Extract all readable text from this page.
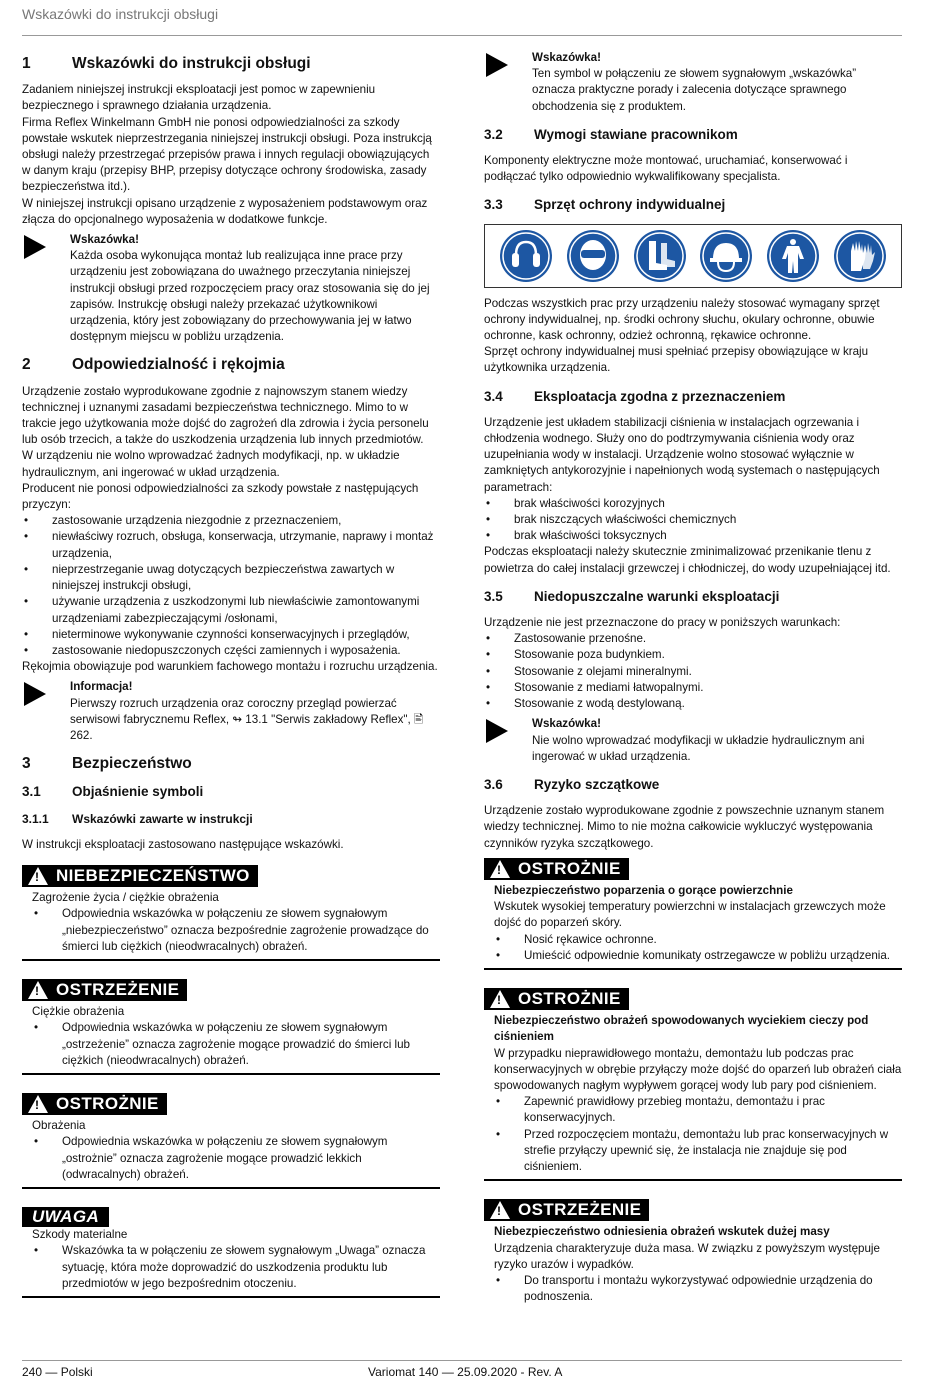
Wskazówki do instrukcji obsługi
1	Wskazówki do instrukcji obsługi

Zadaniem niniejszej instrukcji eksploatacji jest pomoc w zapewnieniu bezpiecznego i sprawnego działania urządzenia.

Firma Reflex Winkelmann GmbH nie ponosi odpowiedzialności za szkody powstałe wskutek nieprzestrzegania niniejszej instrukcji obsługi. Poza instrukcją obsługi należy przestrzegać przepisów prawa i innych regulacji obowiązujących w danym kraju (przepisy BHP, przepisy dotyczące ochrony środowiska, zasady bezpieczeństwa itd.).

W niniejszej instrukcji opisano urządzenie z wyposażeniem podstawowym oraz złącza do opcjonalnego wyposażenia w dodatkowe funkcje.

Wskazówka!
Każda osoba wykonująca montaż lub realizująca inne prace przy urządzeniu jest zobowiązana do uważnego przeczytania niniejszej instrukcji obsługi przed rozpoczęciem pracy oraz stosowania się do jej zapisów. Instrukcję obsługi należy przekazać użytkownikowi urządzenia, który jest zobowiązany do przechowywania jej w łatwo dostępnym miejscu w pobliżu urządzenia.
2	Odpowiedzialność i rękojmia

Urządzenie zostało wyprodukowane zgodnie z najnowszym stanem wiedzy technicznej i uznanymi zasadami bezpieczeństwa technicznego. Mimo to w trakcie jego użytkowania może dojść do zagrożeń dla zdrowia i życia personelu lub osób trzecich, a także do uszkodzenia urządzenia lub innych przedmiotów.

W urządzeniu nie wolno wprowadzać żadnych modyfikacji, np. w układzie hydraulicznym, ani ingerować w układ urządzenia.

Producent nie ponosi odpowiedzialności za szkody powstałe z następujących przyczyn:

• zastosowanie urządzenia niezgodnie z przeznaczeniem,
• niewłaściwy rozruch, obsługa, konserwacja, utrzymanie, naprawy i montaż urządzenia,
• nieprzestrzeganie uwag dotyczących bezpieczeństwa zawartych w niniejszej instrukcji obsługi,
• używanie urządzenia z uszkodzonymi lub niewłaściwie zamontowanymi urządzeniami zabezpieczającymi /osłonami,
• nieterminowe wykonywanie czynności konserwacyjnych i przeglądów,
• zastosowanie niedopuszczonych części zamiennych i wyposażenia.

Rękojmia obowiązuje pod warunkiem fachowego montażu i rozruchu urządzenia.

Informacja!
Pierwszy rozruch urządzenia oraz coroczny przegląd powierzać serwisowi fabrycznemu Reflex, ↬ 13.1 "Serwis zakładowy Reflex", 🖹 262.
3	Bezpieczeństwo
3.1	Objaśnienie symboli
3.1.1	Wskazówki zawarte w instrukcji

W instrukcji eksploatacji zastosowano następujące wskazówki.

!
NIEBEZPIECZEŃSTWO
Zagrożenie życia / ciężkie obrażenia
• Odpowiednia wskazówka w połączeniu ze słowem sygnałowym „niebezpieczeństwo” oznacza bezpośrednie zagrożenie prowadzące do śmierci lub ciężkich (nieodwracalnych) obrażeń.
!
OSTRZEŻENIE
Ciężkie obrażenia
• Odpowiednia wskazówka w połączeniu ze słowem sygnałowym „ostrzeżenie” oznacza zagrożenie mogące prowadzić do śmierci lub ciężkich (nieodwracalnych) obrażeń.
!
OSTROŻNIE
Obrażenia
• Odpowiednia wskazówka w połączeniu ze słowem sygnałowym „ostrożnie” oznacza zagrożenie mogące prowadzić lekkich (odwracalnych) obrażeń.
UWAGA
Szkody materialne
• Wskazówka ta w połączeniu ze słowem sygnałowym „Uwaga” oznacza sytuację, która może doprowadzić do uszkodzenia produktu lub przedmiotów w jego bezpośrednim otoczeniu.
Wskazówka!
Ten symbol w połączeniu ze słowem sygnałowym „wskazówka” oznacza praktyczne porady i zalecenia dotyczące sprawnego obchodzenia się z produktem.
3.2	Wymogi stawiane pracownikom

Komponenty elektryczne może montować, uruchamiać, konserwować i podłączać tylko odpowiednio wykwalifikowany specjalista.

3.3	Sprzęt ochrony indywidualnej

Podczas wszystkich prac przy urządzeniu należy stosować wymagany sprzęt ochrony indywidualnej, np. środki ochrony słuchu, okulary ochronne, obuwie ochronne, kask ochronny, odzież ochronną, rękawice ochronne.

Sprzęt ochrony indywidualnej musi spełniać przepisy obowiązujące w kraju użytkownika urządzenia.

3.4	Eksploatacja zgodna z przeznaczeniem

Urządzenie jest układem stabilizacji ciśnienia w instalacjach ogrzewania i chłodzenia wodnego. Służy ono do podtrzymywania ciśnienia wody oraz uzupełniania wody w instalacji. Urządzenie wolno stosować wyłącznie w zamkniętych antykorozyjnie i napełnionych wodą systemach o następujących parametrach:

• brak właściwości korozyjnych
• brak niszczących właściwości chemicznych
• brak właściwości toksycznych

Podczas eksploatacji należy skutecznie zminimalizować przenikanie tlenu z powietrza do całej instalacji grzewczej i chłodniczej, do wody uzupełniającej itd.

3.5	Niedopuszczalne warunki eksploatacji

Urządzenie nie jest przeznaczone do pracy w poniższych warunkach:

• Zastosowanie przenośne.
• Stosowanie poza budynkiem.
• Stosowanie z olejami mineralnymi.
• Stosowanie z mediami łatwopalnymi.
• Stosowanie z wodą destylowaną.
Wskazówka!
Nie wolno wprowadzać modyfikacji w układzie hydraulicznym ani ingerować w układ urządzenia.
3.6	Ryzyko szczątkowe

Urządzenie zostało wyprodukowane zgodnie z powszechnie uznanym stanem wiedzy technicznej. Mimo to nie można całkowicie wykluczyć występowania czynników ryzyka szczątkowego.

!
OSTROŻNIE
Niebezpieczeństwo poparzenia o gorące powierzchnie
Wskutek wysokiej temperatury powierzchni w instalacjach grzewczych może dojść do poparzeń skóry.
• Nosić rękawice ochronne.
• Umieścić odpowiednie komunikaty ostrzegawcze w pobliżu urządzenia.
!
OSTROŻNIE
Niebezpieczeństwo obrażeń spowodowanych wyciekiem cieczy pod ciśnieniem
W przypadku nieprawidłowego montażu, demontażu lub podczas prac konserwacyjnych w obrębie przyłączy może dojść do oparzeń lub obrażeń ciała spowodowanych nagłym wypływem gorącej wody lub pary pod ciśnieniem.
• Zapewnić prawidłowy przebieg montażu, demontażu i prac konserwacyjnych.
• Przed rozpoczęciem montażu, demontażu lub prac konserwacyjnych w strefie przyłączy upewnić się, że instalacja nie znajduje się pod ciśnieniem.
!
OSTRZEŻENIE
Niebezpieczeństwo odniesienia obrażeń wskutek dużej masy
Urządzenia charakteryzuje duża masa. W związku z powyższym występuje ryzyko urazów i wypadków.
• Do transportu i montażu wykorzystywać odpowiednie urządzenia do podnoszenia.
240 — Polski	Variomat 140 — 25.09.2020 - Rev. A
